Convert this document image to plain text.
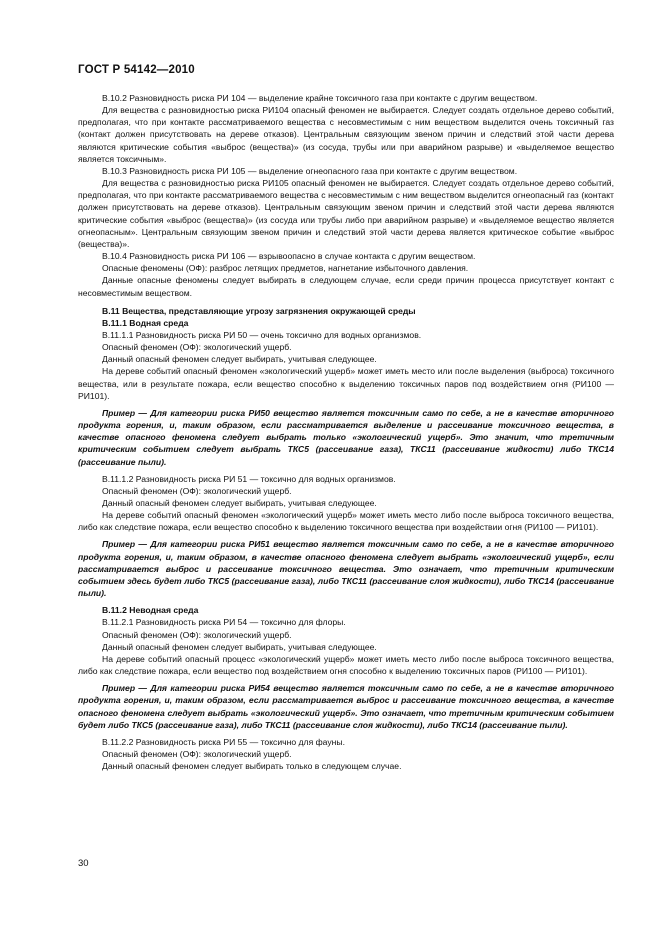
ГОСТ Р 54142—2010

В.10.2 Разновидность риска РИ 104 — выделение крайне токсичного газа при контакте с другим веществом.

Для вещества с разновидностью риска РИ104 опасный феномен не выбирается. Следует создать отдельное дерево событий, предполагая, что при контакте рассматриваемого вещества с несовместимым с ним веществом выделится очень токсичный газ (контакт должен присутствовать на дереве отказов). Центральным связующим звеном причин и следствий этой части дерева являются критические события «выброс (вещества)» (из сосуда, трубы или при аварийном разрыве) и «выделяемое вещество является токсичным».

В.10.3 Разновидность риска РИ 105 — выделение огнеопасного газа при контакте с другим веществом.

Для вещества с разновидностью риска РИ105 опасный феномен не выбирается. Следует создать отдельное дерево событий, предполагая, что при контакте рассматриваемого вещества с несовместимым с ним веществом выделится огнеопасный газ (контакт должен присутствовать на дереве отказов). Центральным связующим звеном причин и следствий этой части дерева являются критические события «выброс (вещества)» (из сосуда или трубы либо при аварийном разрыве) и «выделяемое вещество является огнеопасным». Центральным связующим звеном причин и следствий этой части дерева является критическое событие «выброс (вещества)».

В.10.4 Разновидность риска РИ 106 — взрывоопасно в случае контакта с другим веществом.

Опасные феномены (ОФ): разброс летящих предметов, нагнетание избыточного давления.

Данные опасные феномены следует выбирать в следующем случае, если среди причин процесса присутствует контакт с несовместимым веществом.

В.11 Вещества, представляющие угрозу загрязнения окружающей среды

В.11.1 Водная среда

В.11.1.1 Разновидность риска РИ 50 — очень токсично для водных организмов.

Опасный феномен (ОФ): экологический ущерб.

Данный опасный феномен следует выбирать, учитывая следующее.

На дереве событий опасный феномен «экологический ущерб» может иметь место или после выделения (выброса) токсичного вещества, или в результате пожара, если вещество способно к выделению токсичных паров под воздействием огня (РИ100 — РИ101).

Пример — Для категории риска РИ50 вещество является токсичным само по себе, а не в качестве вторичного продукта горения, и, таким образом, если рассматривается выделение и рассеивание токсичного вещества, в качестве опасного феномена следует выбрать только «экологический ущерб». Это значит, что третичным критическим событием следует выбрать ТКС5 (рассеивание газа), ТКС11 (рассеивание жидкости) либо ТКС14 (рассеивание пыли).

В.11.1.2 Разновидность риска РИ 51 — токсично для водных организмов.

Опасный феномен (ОФ): экологический ущерб.

Данный опасный феномен следует выбирать, учитывая следующее.

На дереве событий опасный феномен «экологический ущерб» может иметь место либо после выброса токсичного вещества, либо как следствие пожара, если вещество способно к выделению токсичного вещества при воздействии огня (РИ100 — РИ101).

Пример — Для категории риска РИ51 вещество является токсичным само по себе, а не в качестве вторичного продукта горения, и, таким образом, в качестве опасного феномена следует выбрать «экологический ущерб», если рассматривается выброс и рассеивание токсичного вещества. Это означает, что третичным критическим событием здесь будет либо ТКС5 (рассеивание газа), либо ТКС11 (рассеивание слоя жидкости), либо ТКС14 (рассеивание пыли).

В.11.2 Неводная среда

В.11.2.1 Разновидность риска РИ 54 — токсично для флоры.

Опасный феномен (ОФ): экологический ущерб.

Данный опасный феномен следует выбирать, учитывая следующее.

На дереве событий опасный процесс «экологический ущерб» может иметь место либо после выброса токсичного вещества, либо как следствие пожара, если вещество под воздействием огня способно к выделению токсичных паров (РИ100 — РИ101).

Пример — Для категории риска РИ54 вещество является токсичным само по себе, а не в качестве вторичного продукта горения, и, таким образом, если рассматривается выброс и рассеивание токсичного вещества, в качестве опасного феномена следует выбрать «экологический ущерб». Это означает, что третичным критическим событием будет либо ТКС5 (рассеивание газа), либо ТКС11 (рассеивание слоя жидкости), либо ТКС14 (рассеивание пыли).

В.11.2.2 Разновидность риска РИ 55 — токсично для фауны.

Опасный феномен (ОФ): экологический ущерб.

Данный опасный феномен следует выбирать только в следующем случае.

30
